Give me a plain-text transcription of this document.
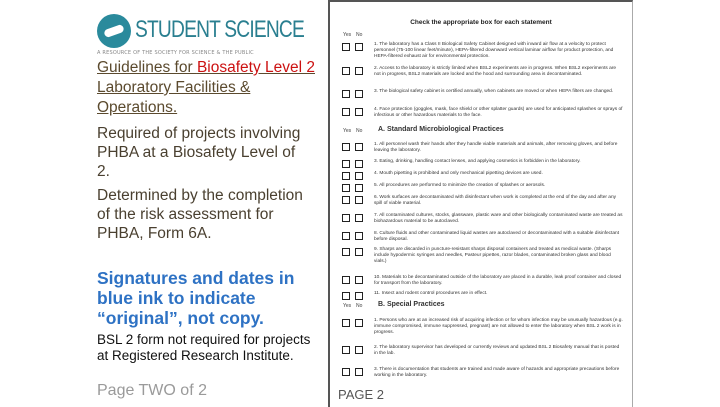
STUDENT SCIENCE
A RESOURCE OF THE SOCIETY FOR SCIENCE & THE PUBLIC
Guidelines for Biosafety Level 2 Laboratory Facilities & Operations.
Required of projects involving PHBA at a Biosafety Level of 2.
Determined by the completion of the risk assessment for PHBA, Form 6A.
Signatures and dates in blue ink to indicate “original”, not copy.
BSL 2 form not required for projects at Registered Research Institute.
Page TWO of 2
Check the appropriate box for each statement
Yes No
Yes No	A. Standard Microbiological Practices
Yes No	B. Special Practices
PAGE 2
1. The laboratory has a Class II Biological Safety Cabinet designed with inward air flow at a velocity to protect personnel (75-100 linear feet/minute), HEPA-filtered downward vertical laminar airflow for product protection, and HEPA-filtered exhaust air for environmental protection.
2. Access to the laboratory is strictly limited when BSL2 experiments are in progress. When BSL2 experiments are not in progress, BSL2 materials are locked and the hood and surrounding area is decontaminated.
3. The biological safety cabinet is certified annually, when cabinets are moved or when HEPA filters are changed.
4. Face protection (goggles, mask, face shield or other splatter guards) are used for anticipated splashes or sprays of infectious or other hazardous materials to the face.
1. All personnel wash their hands after they handle viable materials and animals, after removing gloves, and before leaving the laboratory.
3. Eating, drinking, handling contact lenses, and applying cosmetics is forbidden in the laboratory.
4. Mouth pipetting is prohibited and only mechanical pipetting devices are used.
5. All procedures are performed to minimize the creation of splashes or aerosols.
6. Work surfaces are decontaminated with disinfectant when work is completed at the end of the day and after any spill of viable material.
7. All contaminated cultures, stocks, glassware, plastic ware and other biologically contaminated waste are treated as biohazardous material to be autoclaved.
8. Culture fluids and other contaminated liquid wastes are autoclaved or decontaminated with a suitable disinfectant before disposal.
9. Sharps are discarded in puncture-resistant sharps disposal containers and treated as medical waste. (Sharps include hypodermic syringes and needles, Pasteur pipettes, razor blades, contaminated broken glass and blood vials.)
10. Materials to be decontaminated outside of the laboratory are placed in a durable, leak proof container and closed for transport from the laboratory.
11. Insect and rodent control procedures are in effect.
1. Persons who are at an increased risk of acquiring infection or for whom infection may be unusually hazardous (e.g. immune compromised, immune suppressed, pregnant) are not allowed to enter the laboratory when BSL 2 work is in progress.
2. The laboratory supervisor has developed or currently reviews and updated BSL 2 Biosafety manual that is posted in the lab.
3. There is documentation that students are trained and made aware of hazards and appropriate precautions before working in the laboratory.
